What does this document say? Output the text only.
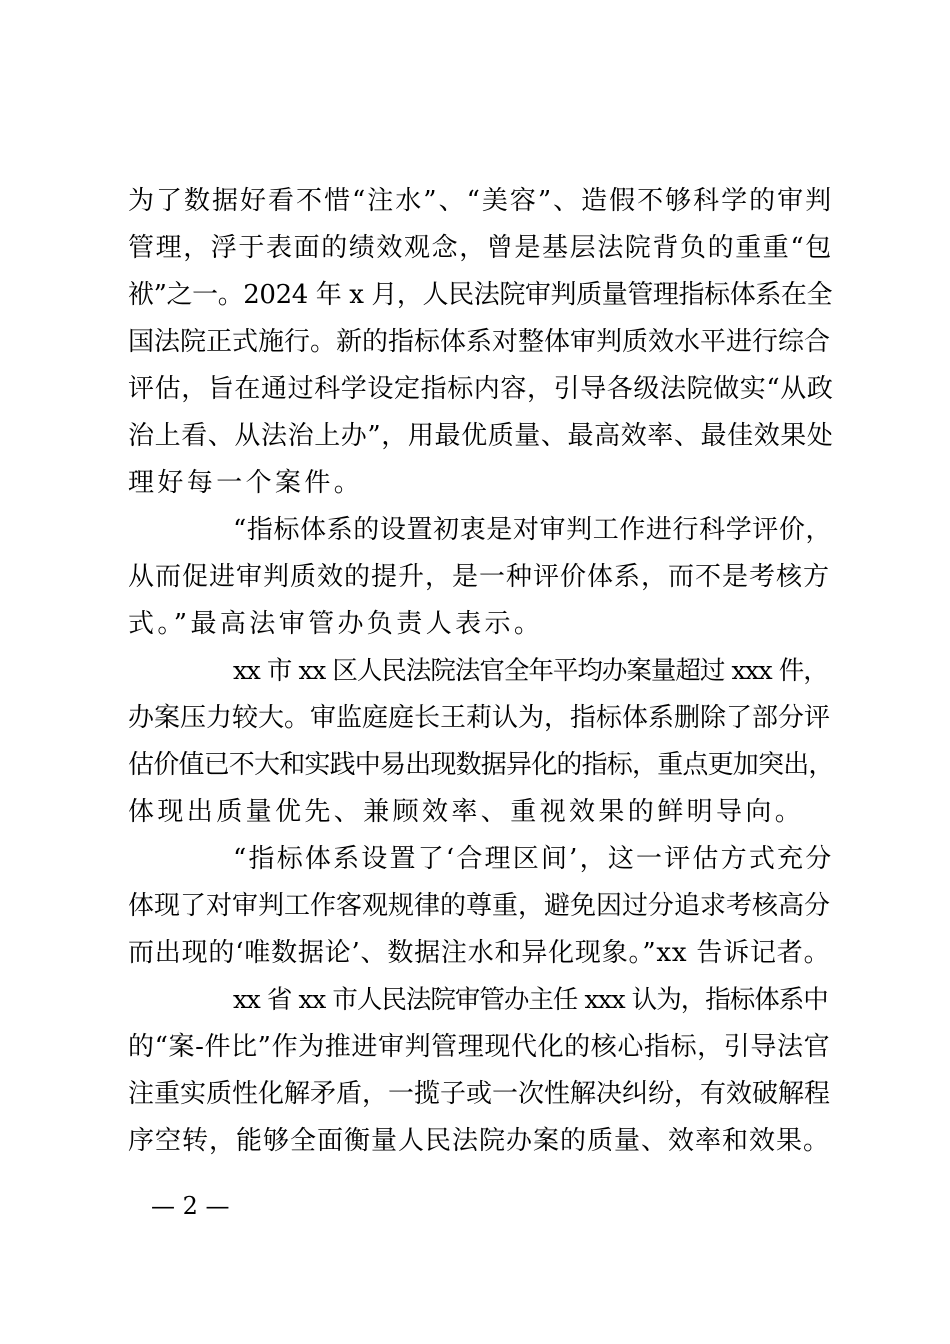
为了数据好看不惜“注水”、“美容”、造假不够科学的审判
管理，浮于表面的绩效观念，曾是基层法院背负的重重“包
袱”之一。2024 年 x 月，人民法院审判质量管理指标体系在全
国法院正式施行。新的指标体系对整体审判质效水平进行综合
评估，旨在通过科学设定指标内容，引导各级法院做实“从政
治上看、从法治上办”，用最优质量、最高效率、最佳效果处
理好每一个案件。
“指标体系的设置初衷是对审判工作进行科学评价，
从而促进审判质效的提升，是一种评价体系，而不是考核方
式。”最高法审管办负责人表示。
xx 市 xx 区人民法院法官全年平均办案量超过 xxx 件，
办案压力较大。审监庭庭长王莉认为，指标体系删除了部分评
估价值已不大和实践中易出现数据异化的指标，重点更加突出，
体现出质量优先、兼顾效率、重视效果的鲜明导向。
“指标体系设置了‘合理区间’，这一评估方式充分
体现了对审判工作客观规律的尊重，避免因过分追求考核高分
而出现的‘唯数据论’、数据注水和异化现象。”xx 告诉记者。
xx 省 xx 市人民法院审管办主任 xxx 认为，指标体系中
的“案-件比”作为推进审判管理现代化的核心指标，引导法官
注重实质性化解矛盾，一揽子或一次性解决纠纷，有效破解程
序空转，能够全面衡量人民法院办案的质量、效率和效果。
— 2 —
